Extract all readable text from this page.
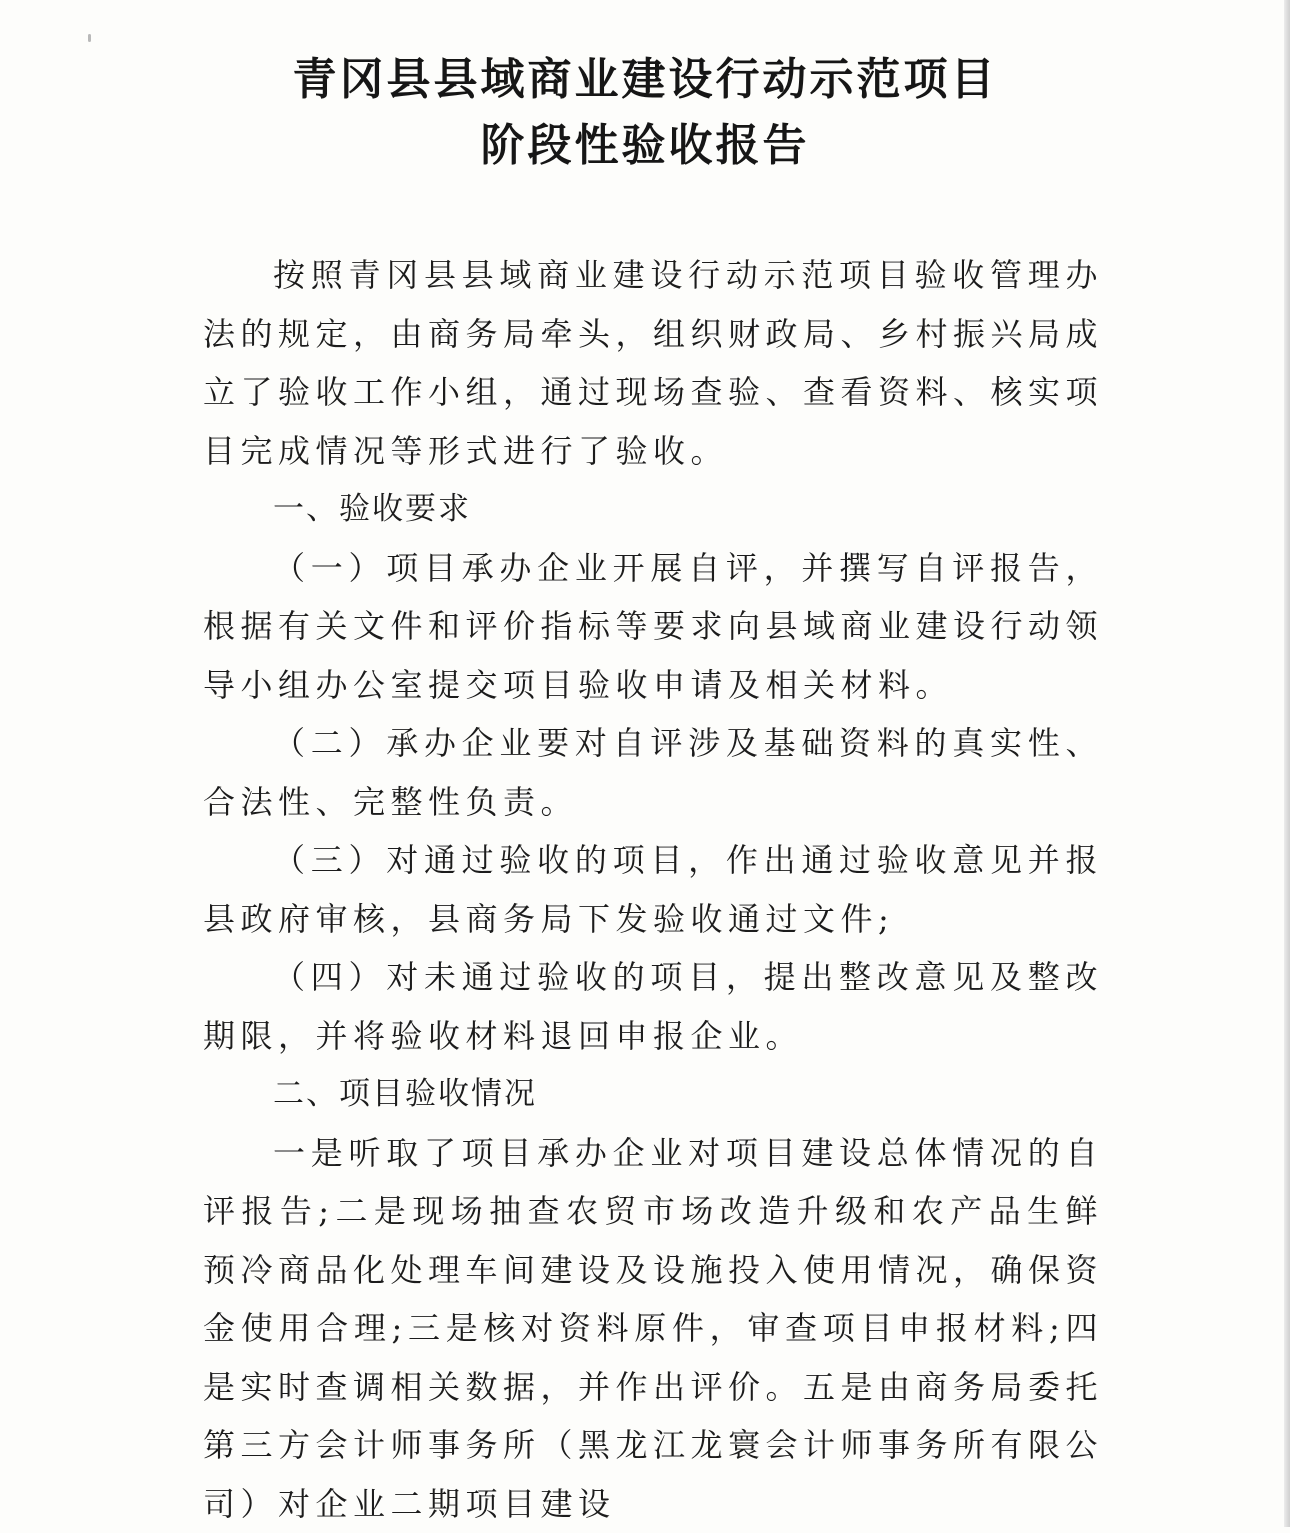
青冈县县域商业建设行动示范项目
阶段性验收报告

按照青冈县县域商业建设行动示范项目验收管理办法的规定，由商务局牵头，组织财政局、乡村振兴局成立了验收工作小组，通过现场查验、查看资料、核实项目完成情况等形式进行了验收。

一、验收要求

（一）项目承办企业开展自评，并撰写自评报告，根据有关文件和评价指标等要求向县域商业建设行动领导小组办公室提交项目验收申请及相关材料。

（二）承办企业要对自评涉及基础资料的真实性、合法性、完整性负责。

（三）对通过验收的项目，作出通过验收意见并报县政府审核，县商务局下发验收通过文件;

（四）对未通过验收的项目，提出整改意见及整改期限，并将验收材料退回申报企业。

二、项目验收情况

一是听取了项目承办企业对项目建设总体情况的自评报告;二是现场抽查农贸市场改造升级和农产品生鲜预冷商品化处理车间建设及设施投入使用情况，确保资金使用合理;三是核对资料原件，审查项目申报材料;四是实时查调相关数据，并作出评价。五是由商务局委托第三方会计师事务所（黑龙江龙寰会计师事务所有限公司）对企业二期项目建设
